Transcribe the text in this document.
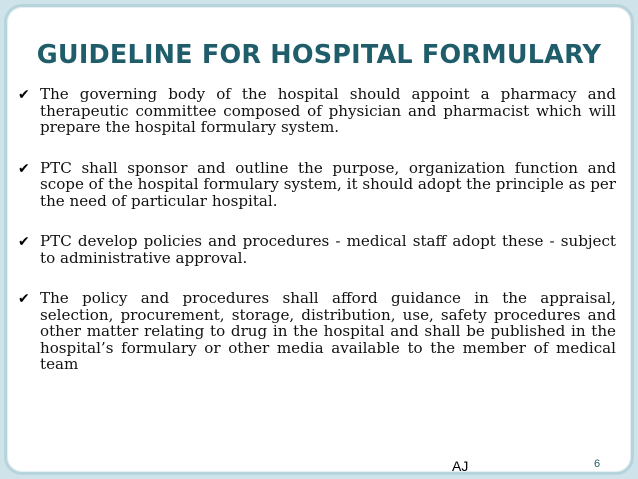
GUIDELINE FOR HOSPITAL FORMULARY
✔ The governing body of the hospital should appoint a pharmacy and therapeutic committee composed of physician and pharmacist which will prepare the hospital formulary system.
✔ PTC shall sponsor and outline the purpose, organization function and scope of the hospital formulary system, it should adopt the principle as per the need of particular hospital.
✔ PTC develop policies and procedures - medical staff adopt these - subject to administrative approval.
✔ The policy and procedures shall afford guidance in the appraisal, selection, procurement, storage, distribution, use, safety procedures and other matter relating to drug in the hospital and shall be published in the hospital’s formulary or other media available to the member of medical team
AJ	6
